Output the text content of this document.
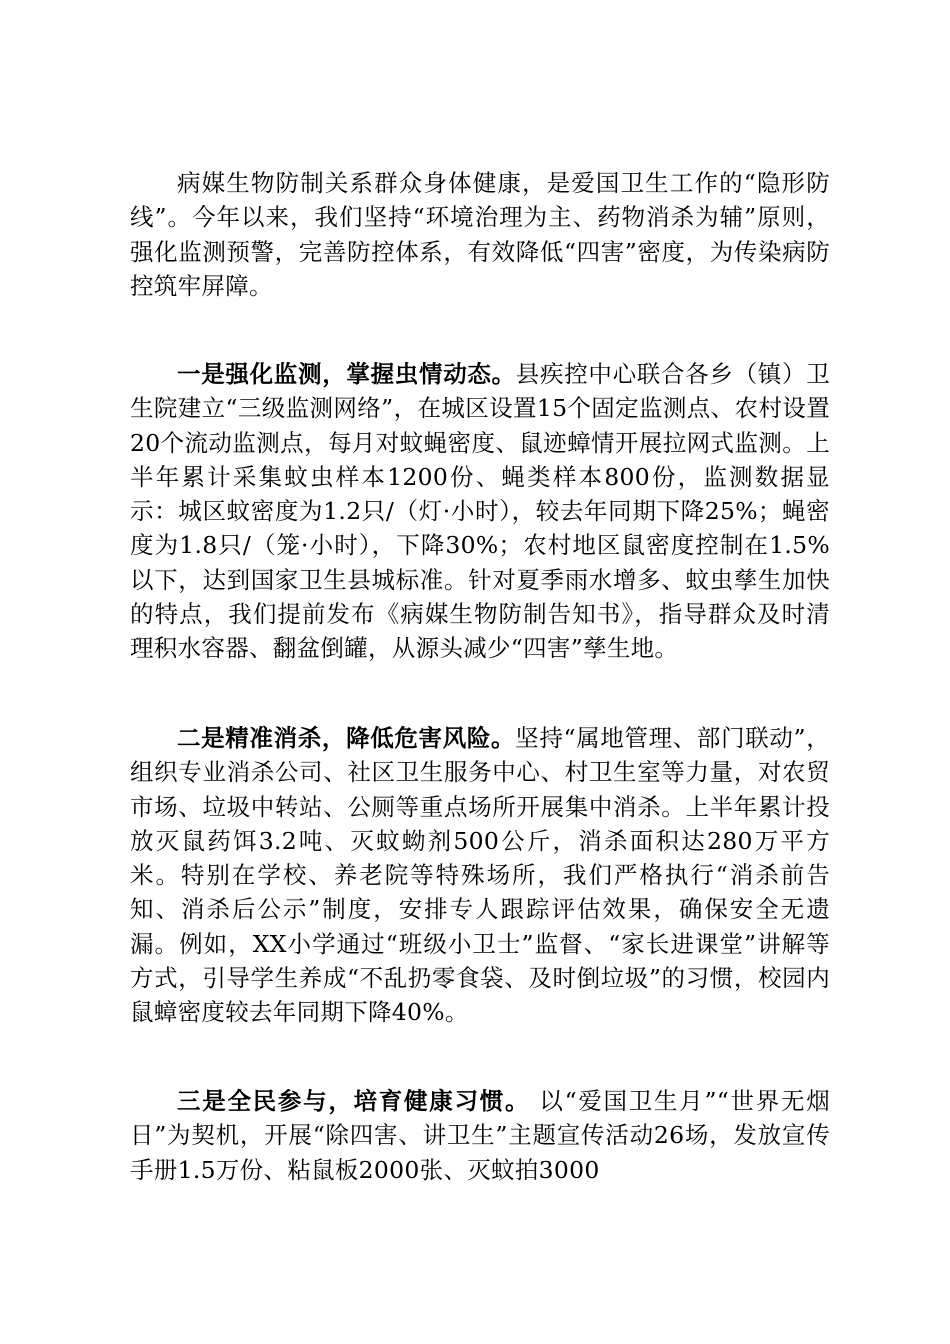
病媒生物防制关系群众身体健康，是爱国卫生工作的“隐形防线”。今年以来，我们坚持“环境治理为主、药物消杀为辅”原则，强化监测预警，完善防控体系，有效降低“四害”密度，为传染病防控筑牢屏障。

一是强化监测，掌握虫情动态。县疾控中心联合各乡（镇）卫生院建立“三级监测网络”，在城区设置15个固定监测点、农村设置20个流动监测点，每月对蚊蝇密度、鼠迹蟑情开展拉网式监测。上半年累计采集蚊虫样本1200份、蝇类样本800份，监测数据显示：城区蚊密度为1.2只/（灯·小时），较去年同期下降25%；蝇密度为1.8只/（笼·小时），下降30%；农村地区鼠密度控制在1.5%以下，达到国家卫生县城标准。针对夏季雨水增多、蚊虫孳生加快的特点，我们提前发布《病媒生物防制告知书》，指导群众及时清理积水容器、翻盆倒罐，从源头减少“四害”孳生地。

二是精准消杀，降低危害风险。坚持“属地管理、部门联动”，组织专业消杀公司、社区卫生服务中心、村卫生室等力量，对农贸市场、垃圾中转站、公厕等重点场所开展集中消杀。上半年累计投放灭鼠药饵3.2吨、灭蚊蚴剂500公斤，消杀面积达280万平方米。特别在学校、养老院等特殊场所，我们严格执行“消杀前告知、消杀后公示”制度，安排专人跟踪评估效果，确保安全无遗漏。例如，XX小学通过“班级小卫士”监督、“家长进课堂”讲解等方式，引导学生养成“不乱扔零食袋、及时倒垃圾”的习惯，校园内鼠蟑密度较去年同期下降40%。

三是全民参与，培育健康习惯。 以“爱国卫生月”“世界无烟日”为契机，开展“除四害、讲卫生”主题宣传活动26场，发放宣传手册1.5万份、粘鼠板2000张、灭蚊拍3000
